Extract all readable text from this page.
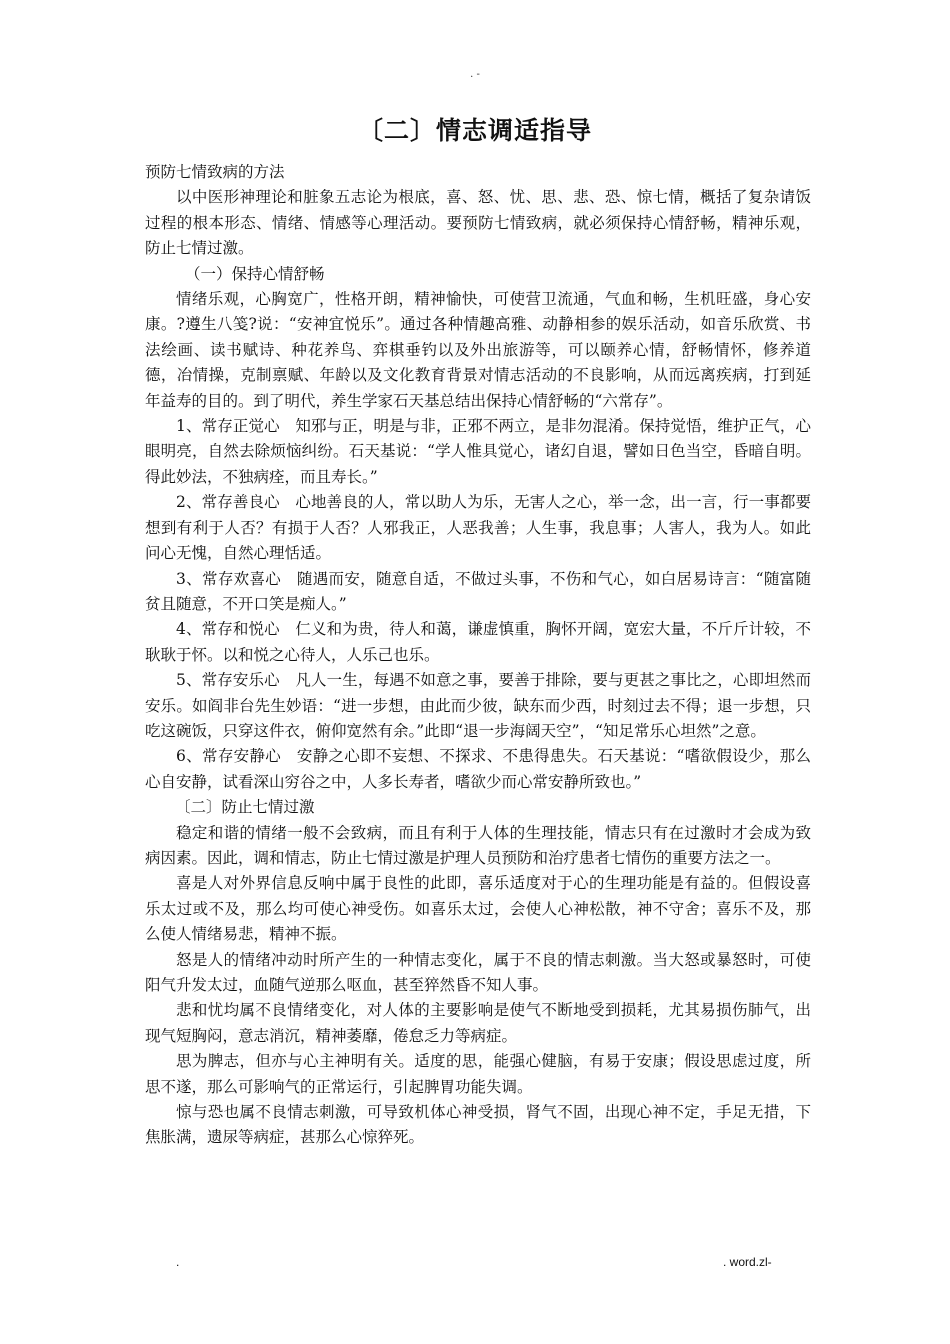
. -
〔二〕情志调适指导

预防七情致病的方法

以中医形神理论和脏象五志论为根底，喜、怒、忧、思、悲、恐、惊七情，概括了复杂请饭过程的根本形态、情绪、情感等心理活动。要预防七情致病，就必须保持心情舒畅，精神乐观，防止七情过激。

（一）保持心情舒畅

情绪乐观，心胸宽广，性格开朗，精神愉快，可使营卫流通，气血和畅，生机旺盛，身心安康。?遵生八笺?说：“安神宜悦乐”。通过各种情趣高雅、动静相参的娱乐活动，如音乐欣赏、书法绘画、读书赋诗、种花养鸟、弈棋垂钓以及外出旅游等，可以颐养心情，舒畅情怀，修养道德，冶情操，克制禀赋、年龄以及文化教育背景对情志活动的不良影响，从而远离疾病，打到延年益寿的目的。到了明代，养生学家石天基总结出保持心情舒畅的“六常存”。

1、常存正觉心　知邪与正，明是与非，正邪不两立，是非勿混淆。保持觉悟，维护正气，心眼明亮，自然去除烦恼纠纷。石天基说：“学人惟具觉心，诸幻自退，譬如日色当空，昏暗自明。得此妙法，不独病痊，而且寿长。”

2、常存善良心　心地善良的人，常以助人为乐，无害人之心，举一念，出一言，行一事都要想到有利于人否？有损于人否？人邪我正，人恶我善；人生事，我息事；人害人，我为人。如此问心无愧，自然心理恬适。

3、常存欢喜心　随遇而安，随意自适，不做过头事，不伤和气心，如白居易诗言：“随富随贫且随意，不开口笑是痴人。”

4、常存和悦心　仁义和为贵，待人和蔼，谦虚慎重，胸怀开阔，宽宏大量，不斤斤计较，不耿耿于怀。以和悦之心待人，人乐己也乐。

5、常存安乐心　凡人一生，每遇不如意之事，要善于排除，要与更甚之事比之，心即坦然而安乐。如阎非台先生妙语：“进一步想，由此而少彼，缺东而少西，时刻过去不得；退一步想，只吃这碗饭，只穿这件衣，俯仰宽然有余。”此即“退一步海阔天空”，“知足常乐心坦然”之意。

6、常存安静心　安静之心即不妄想、不探求、不患得患失。石天基说：“嗜欲假设少，那么心自安静，试看深山穷谷之中，人多长寿者，嗜欲少而心常安静所致也。”

〔二〕防止七情过激

稳定和谐的情绪一般不会致病，而且有利于人体的生理技能，情志只有在过激时才会成为致病因素。因此，调和情志，防止七情过激是护理人员预防和治疗患者七情伤的重要方法之一。

喜是人对外界信息反响中属于良性的此即，喜乐适度对于心的生理功能是有益的。但假设喜乐太过或不及，那么均可使心神受伤。如喜乐太过，会使人心神松散，神不守舍；喜乐不及，那么使人情绪易悲，精神不振。

怒是人的情绪冲动时所产生的一种情志变化，属于不良的情志刺激。当大怒或暴怒时，可使阳气升发太过，血随气逆那么呕血，甚至猝然昏不知人事。

悲和忧均属不良情绪变化，对人体的主要影响是使气不断地受到损耗，尤其易损伤肺气，出现气短胸闷，意志消沉，精神萎靡，倦怠乏力等病症。

思为脾志，但亦与心主神明有关。适度的思，能强心健脑，有易于安康；假设思虑过度，所思不遂，那么可影响气的正常运行，引起脾胃功能失调。

惊与恐也属不良情志刺激，可导致机体心神受损，肾气不固，出现心神不定，手足无措，下焦胀满，遗尿等病症，甚那么心惊猝死。

.	. word.zl-
